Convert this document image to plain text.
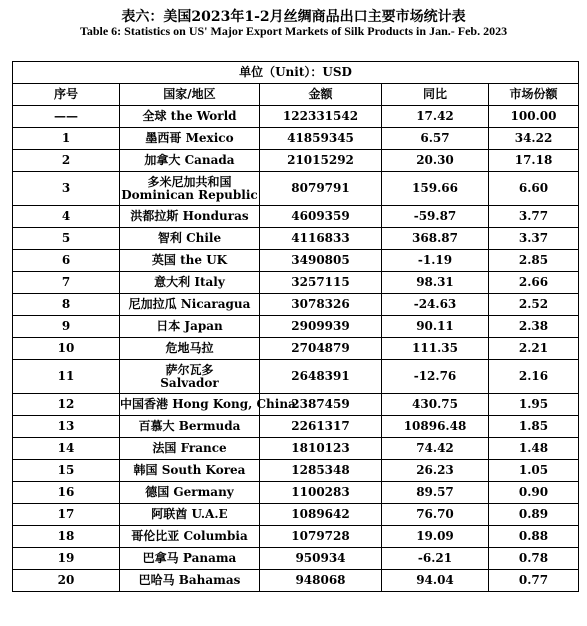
表六：美国2023年1-2月丝绸商品出口主要市场统计表
Table 6: Statistics on US' Major Export Markets of Silk Products in Jan.- Feb. 2023
单位（Unit）：USD				
序号	国家/地区	金额	同比	市场份额
——	全球 the World	122331542	17.42	100.00
1	墨西哥 Mexico	41859345	6.57	34.22
2	加拿大 Canada	21015292	20.30	17.18
3	多米尼加共和国
Dominican Republic	8079791	159.66	6.60
4	洪都拉斯 Honduras	4609359	-59.87	3.77
5	智利 Chile	4116833	368.87	3.37
6	英国 the UK	3490805	-1.19	2.85
7	意大利 Italy	3257115	98.31	2.66
8	尼加拉瓜 Nicaragua	3078326	-24.63	2.52
9	日本 Japan	2909939	90.11	2.38
10	危地马拉	2704879	111.35	2.21
11	萨尔瓦多
Salvador	2648391	-12.76	2.16
12	中国香港 Hong Kong, China	2387459	430.75	1.95
13	百慕大 Bermuda	2261317	10896.48	1.85
14	法国 France	1810123	74.42	1.48
15	韩国 South Korea	1285348	26.23	1.05
16	德国 Germany	1100283	89.57	0.90
17	阿联酋 U.A.E	1089642	76.70	0.89
18	哥伦比亚 Columbia	1079728	19.09	0.88
19	巴拿马 Panama	950934	-6.21	0.78
20	巴哈马 Bahamas	948068	94.04	0.77
